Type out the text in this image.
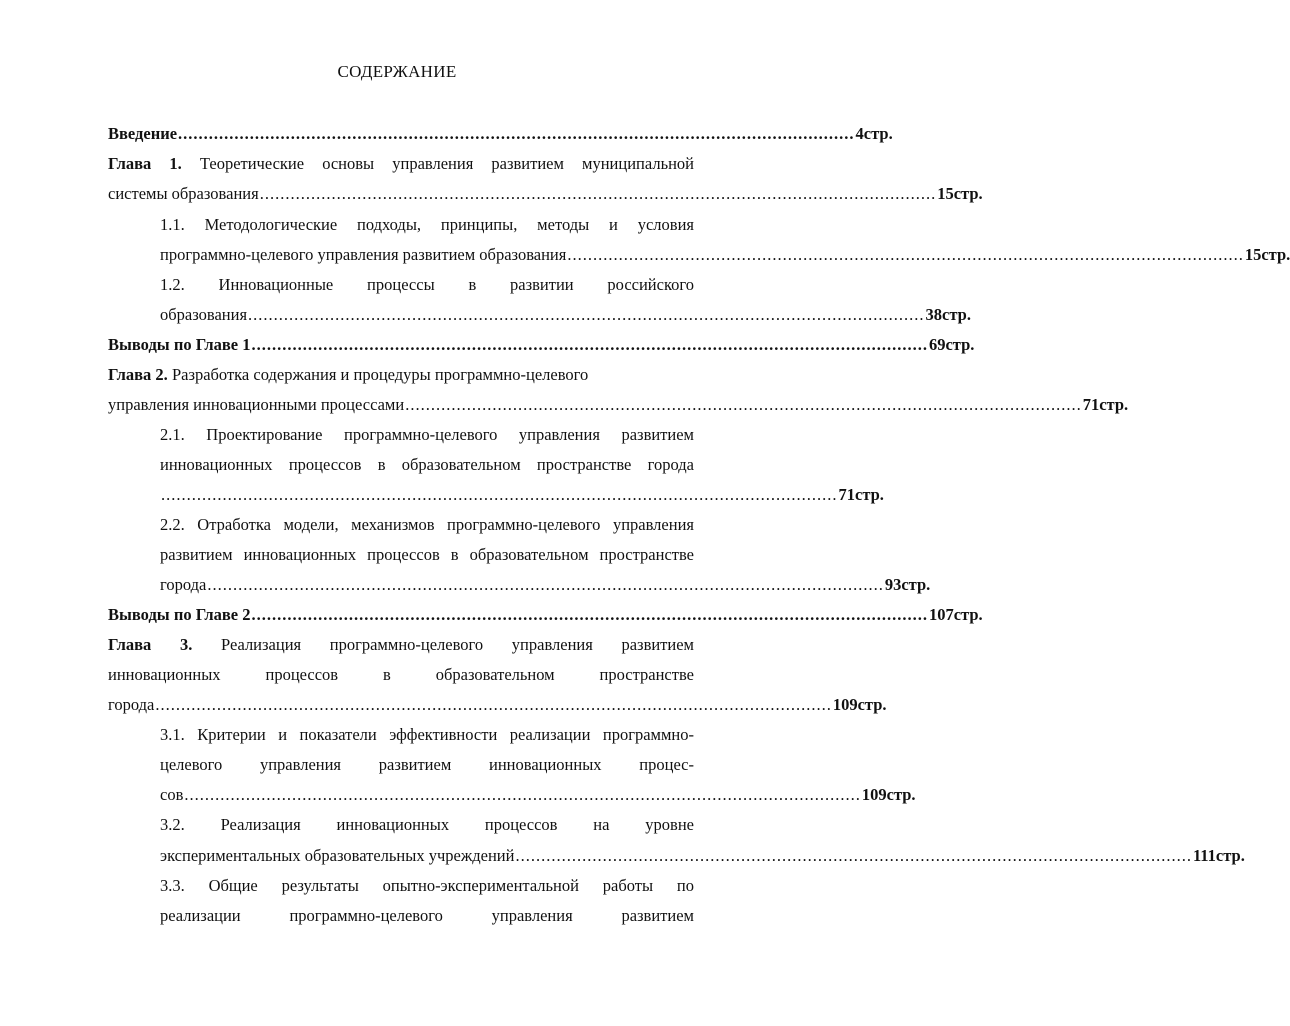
СОДЕРЖАНИЕ
Введение .................................................................................................................................... 4стр.
Глава 1. Теоретические основы управления развитием муниципальной
системы образования .................................................................................................................................... 15стр.
1.1. Методологические подходы, принципы, методы и условия
программно-целевого управления развитием образования .................................................................................................................................... 15стр.
1.2. Инновационные процессы в развитии российского
образования .................................................................................................................................... 38стр.
Выводы по Главе 1 .................................................................................................................................... 69стр.
Глава 2. Разработка содержания и процедуры программно-целевого
управления инновационными процессами .................................................................................................................................... 71стр.
2.1. Проектирование программно-целевого управления развитием
инновационных процессов в образовательном пространстве города
.................................................................................................................................... 71стр.
2.2. Отработка модели, механизмов программно-целевого управления
развитием инновационных процессов в образовательном пространстве
города .................................................................................................................................... 93стр.
Выводы по Главе 2 .................................................................................................................................... 107стр.
Глава 3. Реализация программно-целевого управления развитием
инновационных процессов в образовательном пространстве
города .................................................................................................................................... 109стр.
3.1. Критерии и показатели эффективности реализации программно-
целевого управления развитием инновационных процес-
сов .................................................................................................................................... 109стр.
3.2. Реализация инновационных процессов на уровне
экспериментальных образовательных учреждений .................................................................................................................................... 111стр.
3.3. Общие результаты опытно-экспериментальной работы по
реализации программно-целевого управления развитием
